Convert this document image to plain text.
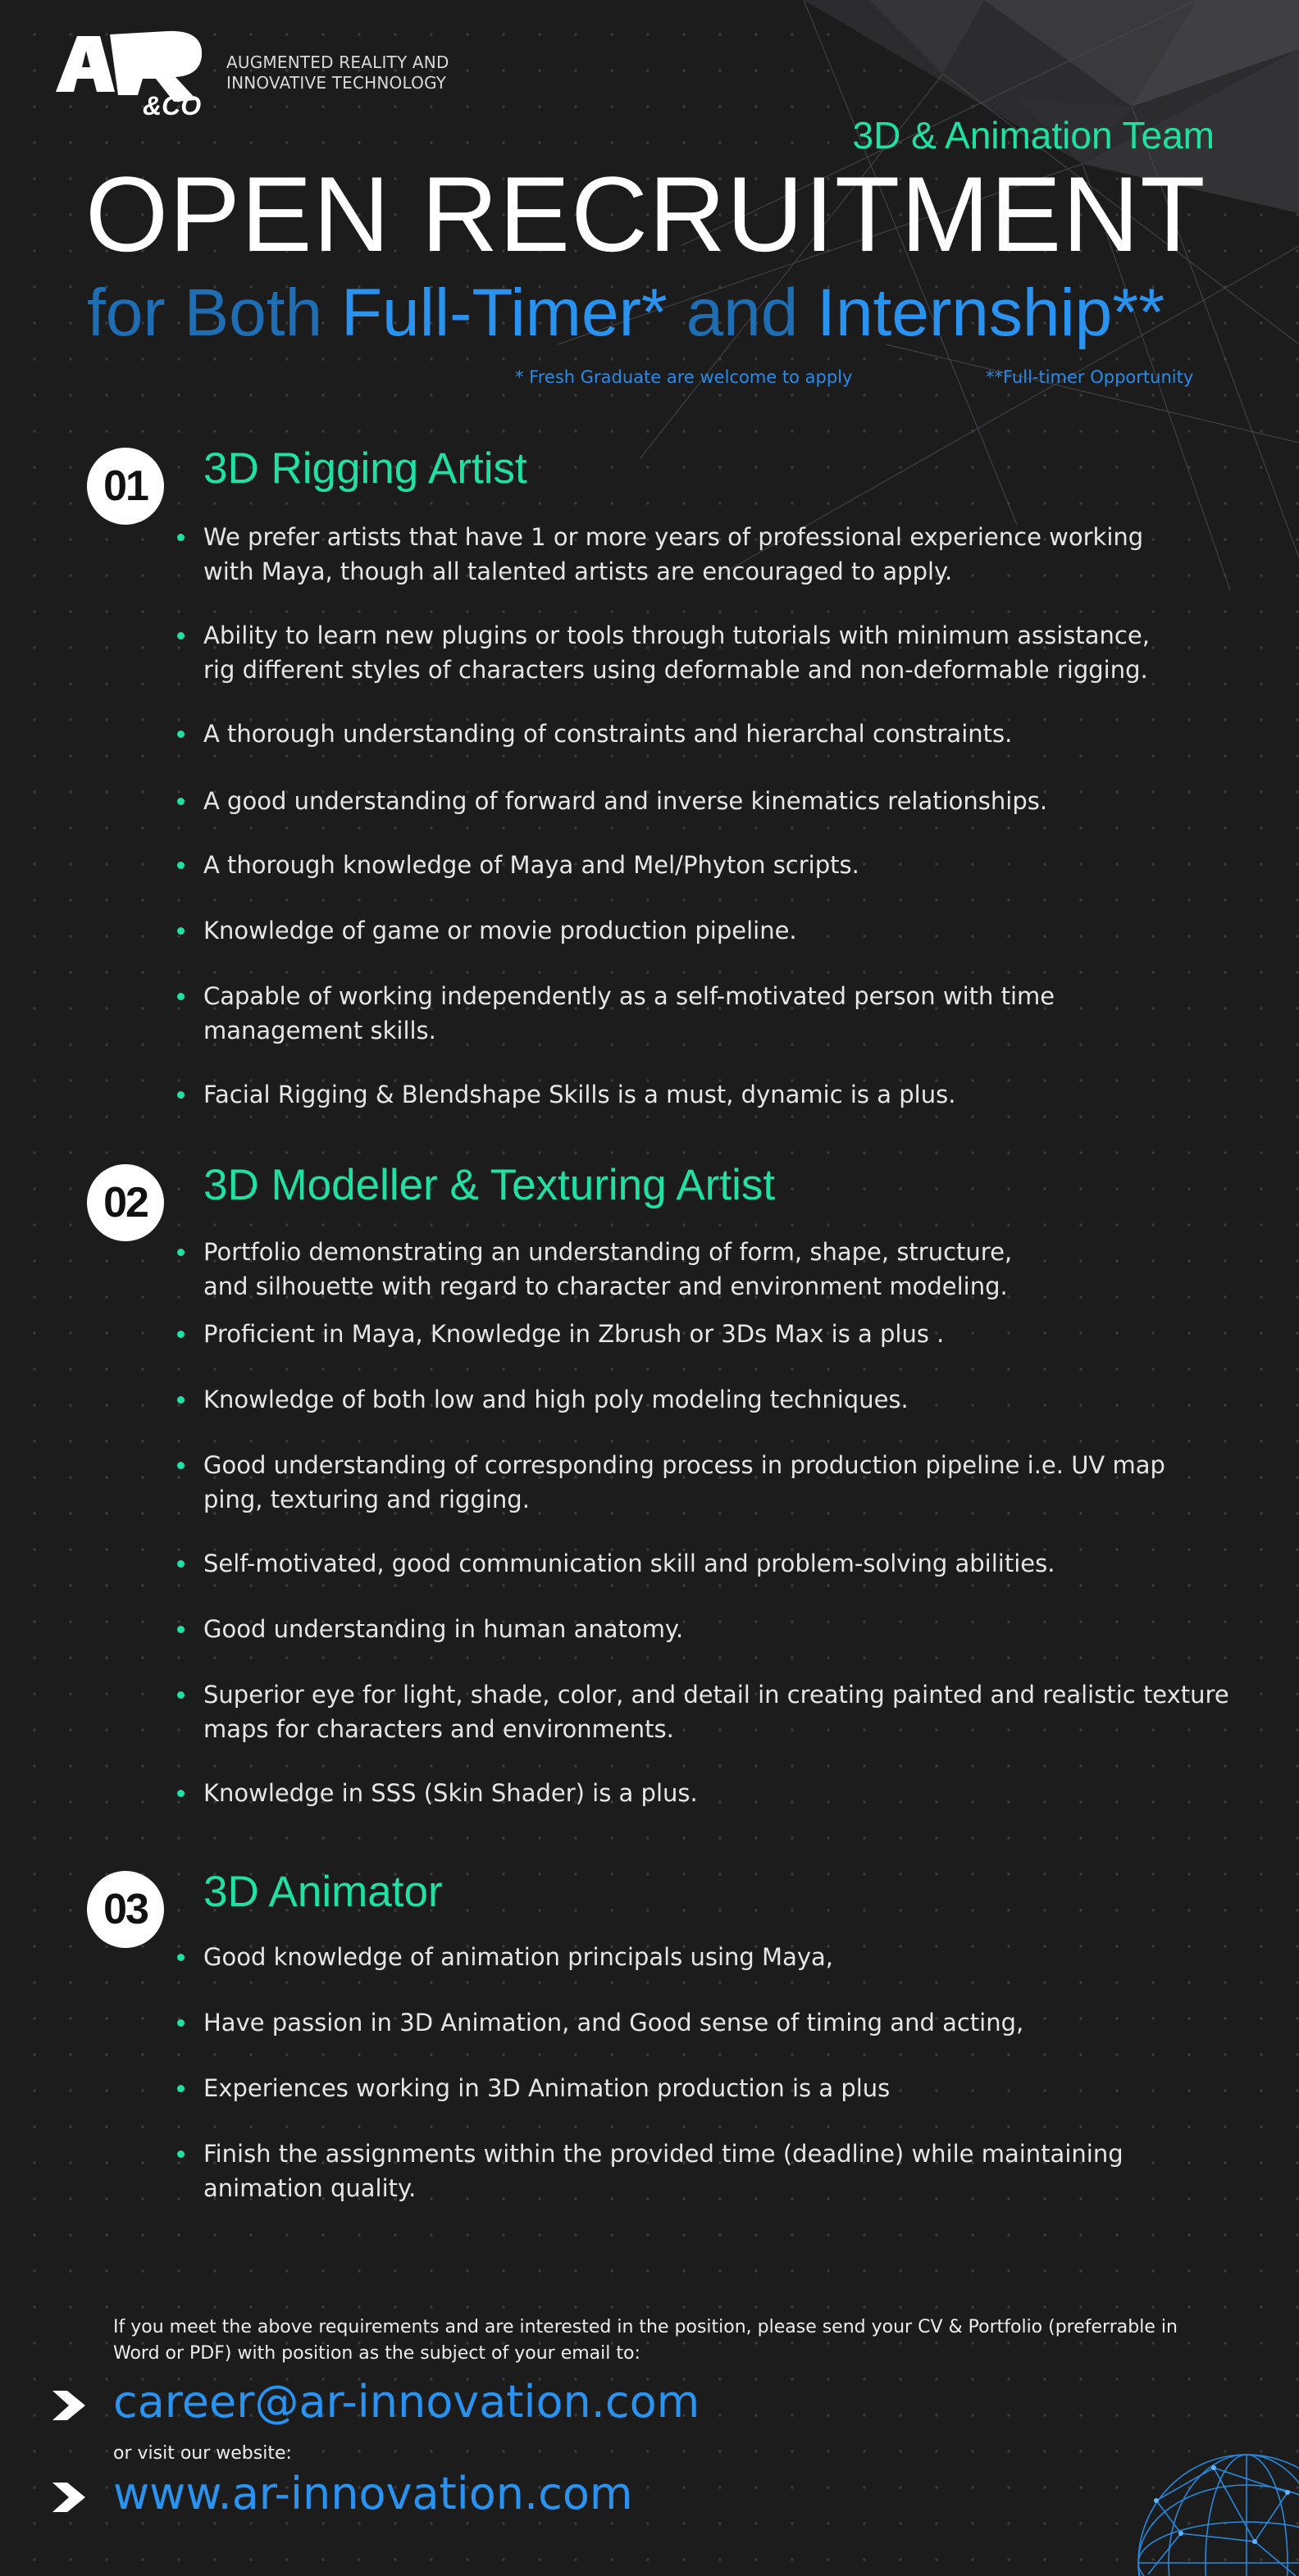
&CO
AUGMENTED REALITY AND
INNOVATIVE TECHNOLOGY
3D & Animation Team
OPEN RECRUITMENT
for Both Full-Timer* and Internship**
* Fresh Graduate are welcome to apply	**Full-timer Opportunity
01	3D Rigging Artist
We prefer artists that have 1 or more years of professional experience working
with Maya, though all talented artists are encouraged to apply.
Ability to learn new plugins or tools through tutorials with minimum assistance,
rig different styles of characters using deformable and non-deformable rigging.
A thorough understanding of constraints and hierarchal constraints.
A good understanding of forward and inverse kinematics relationships.
A thorough knowledge of Maya and Mel/Phyton scripts.
Knowledge of game or movie production pipeline.
Capable of working independently as a self-motivated person with time
management skills.
Facial Rigging & Blendshape Skills is a must, dynamic is a plus.
02	3D Modeller & Texturing Artist
Portfolio demonstrating an understanding of form, shape, structure,
and silhouette with regard to character and environment modeling.
Proficient in Maya, Knowledge in Zbrush or 3Ds Max is a plus .
Knowledge of both low and high poly modeling techniques.
Good understanding of corresponding process in production pipeline i.e. UV map
ping, texturing and rigging.
Self-motivated, good communication skill and problem-solving abilities.
Good understanding in human anatomy.
Superior eye for light, shade, color, and detail in creating painted and realistic texture
maps for characters and environments.
Knowledge in SSS (Skin Shader) is a plus.
03	3D Animator
Good knowledge of animation principals using Maya,
Have passion in 3D Animation, and Good sense of timing and acting,
Experiences working in 3D Animation production is a plus
Finish the assignments within the provided time (deadline) while maintaining
animation quality.
If you meet the above requirements and are interested in the position, please send your CV & Portfolio (preferrable in
Word or PDF) with position as the subject of your email to:
career@ar-innovation.com
or visit our website:
www.ar-innovation.com
